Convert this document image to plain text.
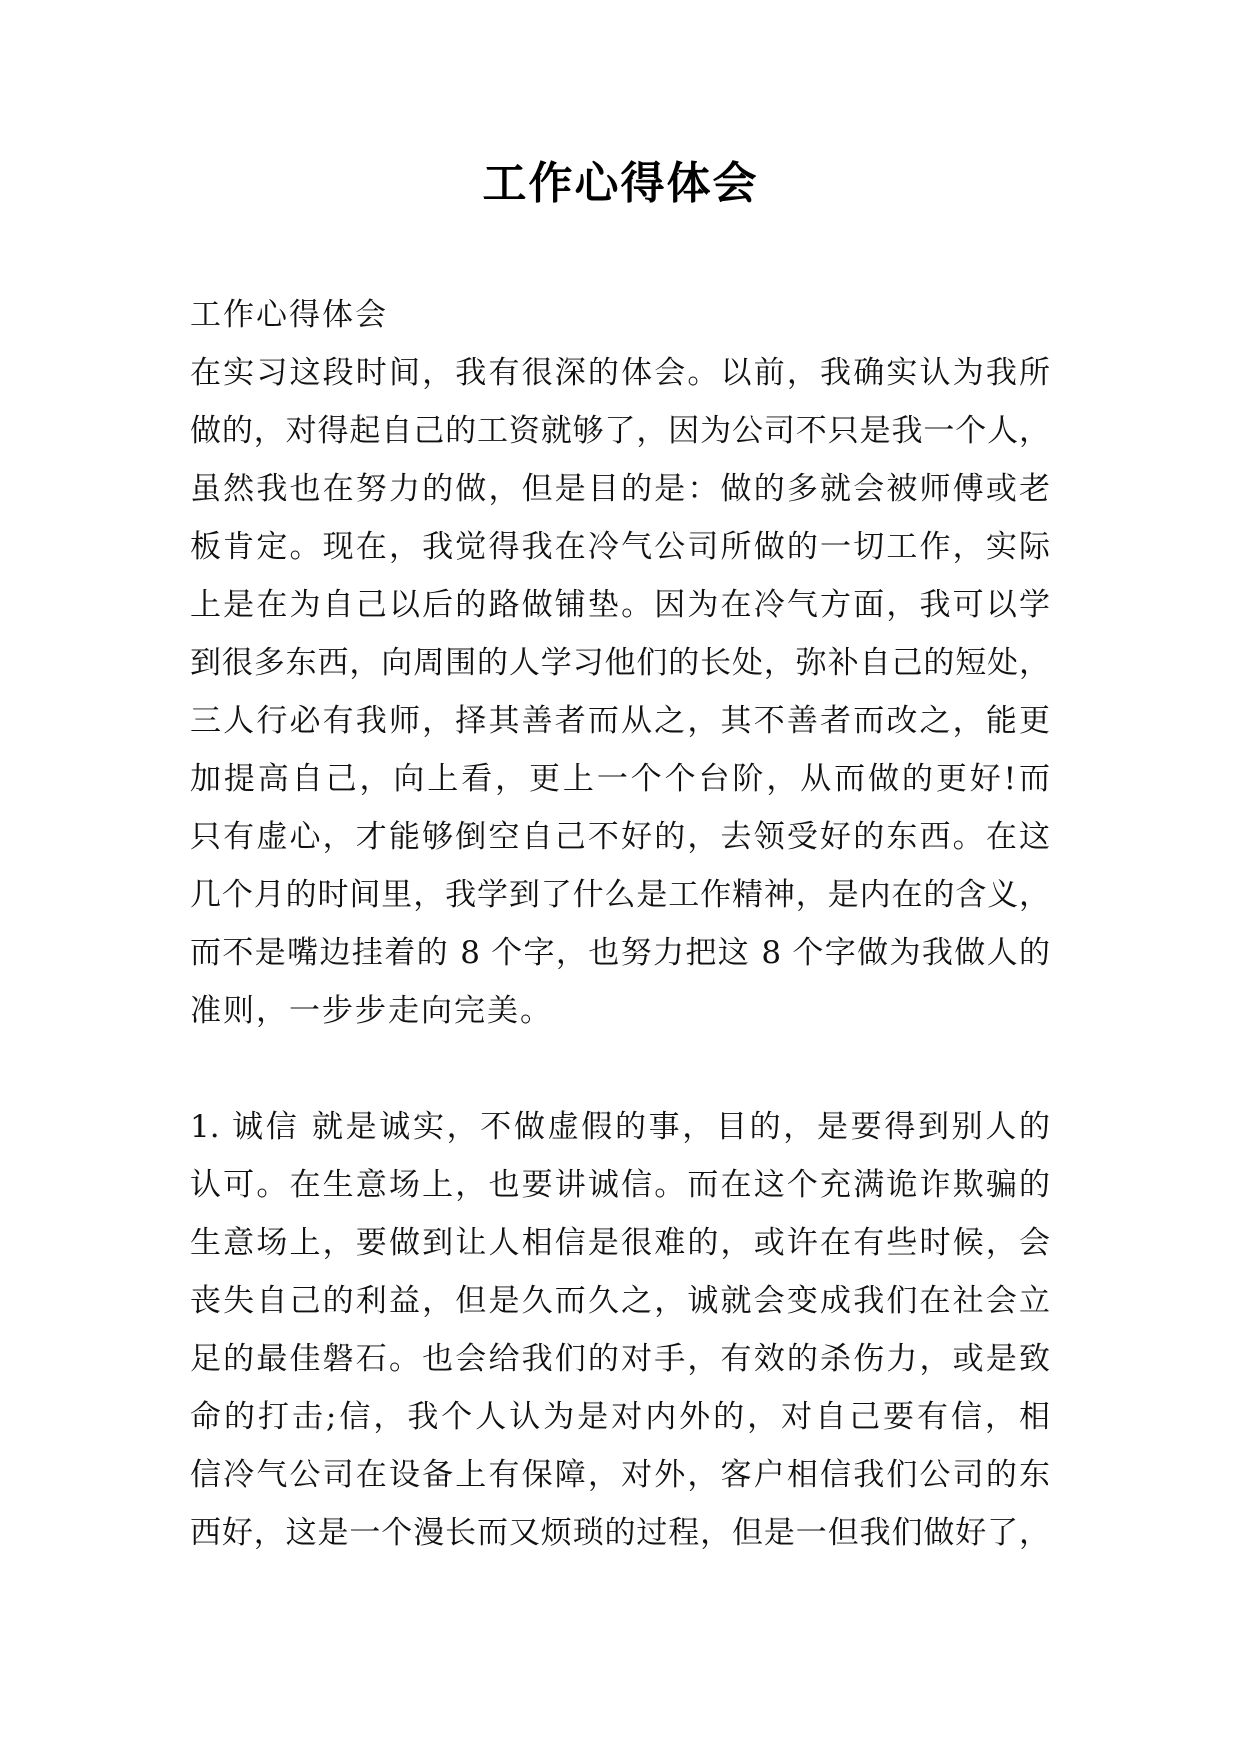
工作心得体会
工作心得体会
在实习这段时间，我有很深的体会。以前，我确实认为我所
做的，对得起自己的工资就够了，因为公司不只是我一个人，
虽然我也在努力的做，但是目的是：做的多就会被师傅或老
板肯定。现在，我觉得我在冷气公司所做的一切工作，实际
上是在为自己以后的路做铺垫。因为在冷气方面，我可以学
到很多东西，向周围的人学习他们的长处，弥补自己的短处，
三人行必有我师，择其善者而从之，其不善者而改之，能更
加提高自己，向上看，更上一个个台阶，从而做的更好!而
只有虚心，才能够倒空自己不好的，去领受好的东西。在这
几个月的时间里，我学到了什么是工作精神，是内在的含义，
而不是嘴边挂着的 8 个字，也努力把这 8 个字做为我做人的
准则，一步步走向完美。
1. 诚信 就是诚实，不做虚假的事，目的，是要得到别人的
认可。在生意场上，也要讲诚信。而在这个充满诡诈欺骗的
生意场上，要做到让人相信是很难的，或许在有些时候，会
丧失自己的利益，但是久而久之，诚就会变成我们在社会立
足的最佳磐石。也会给我们的对手，有效的杀伤力，或是致
命的打击;信，我个人认为是对内外的，对自己要有信，相
信冷气公司在设备上有保障，对外，客户相信我们公司的东
西好，这是一个漫长而又烦琐的过程，但是一但我们做好了，
